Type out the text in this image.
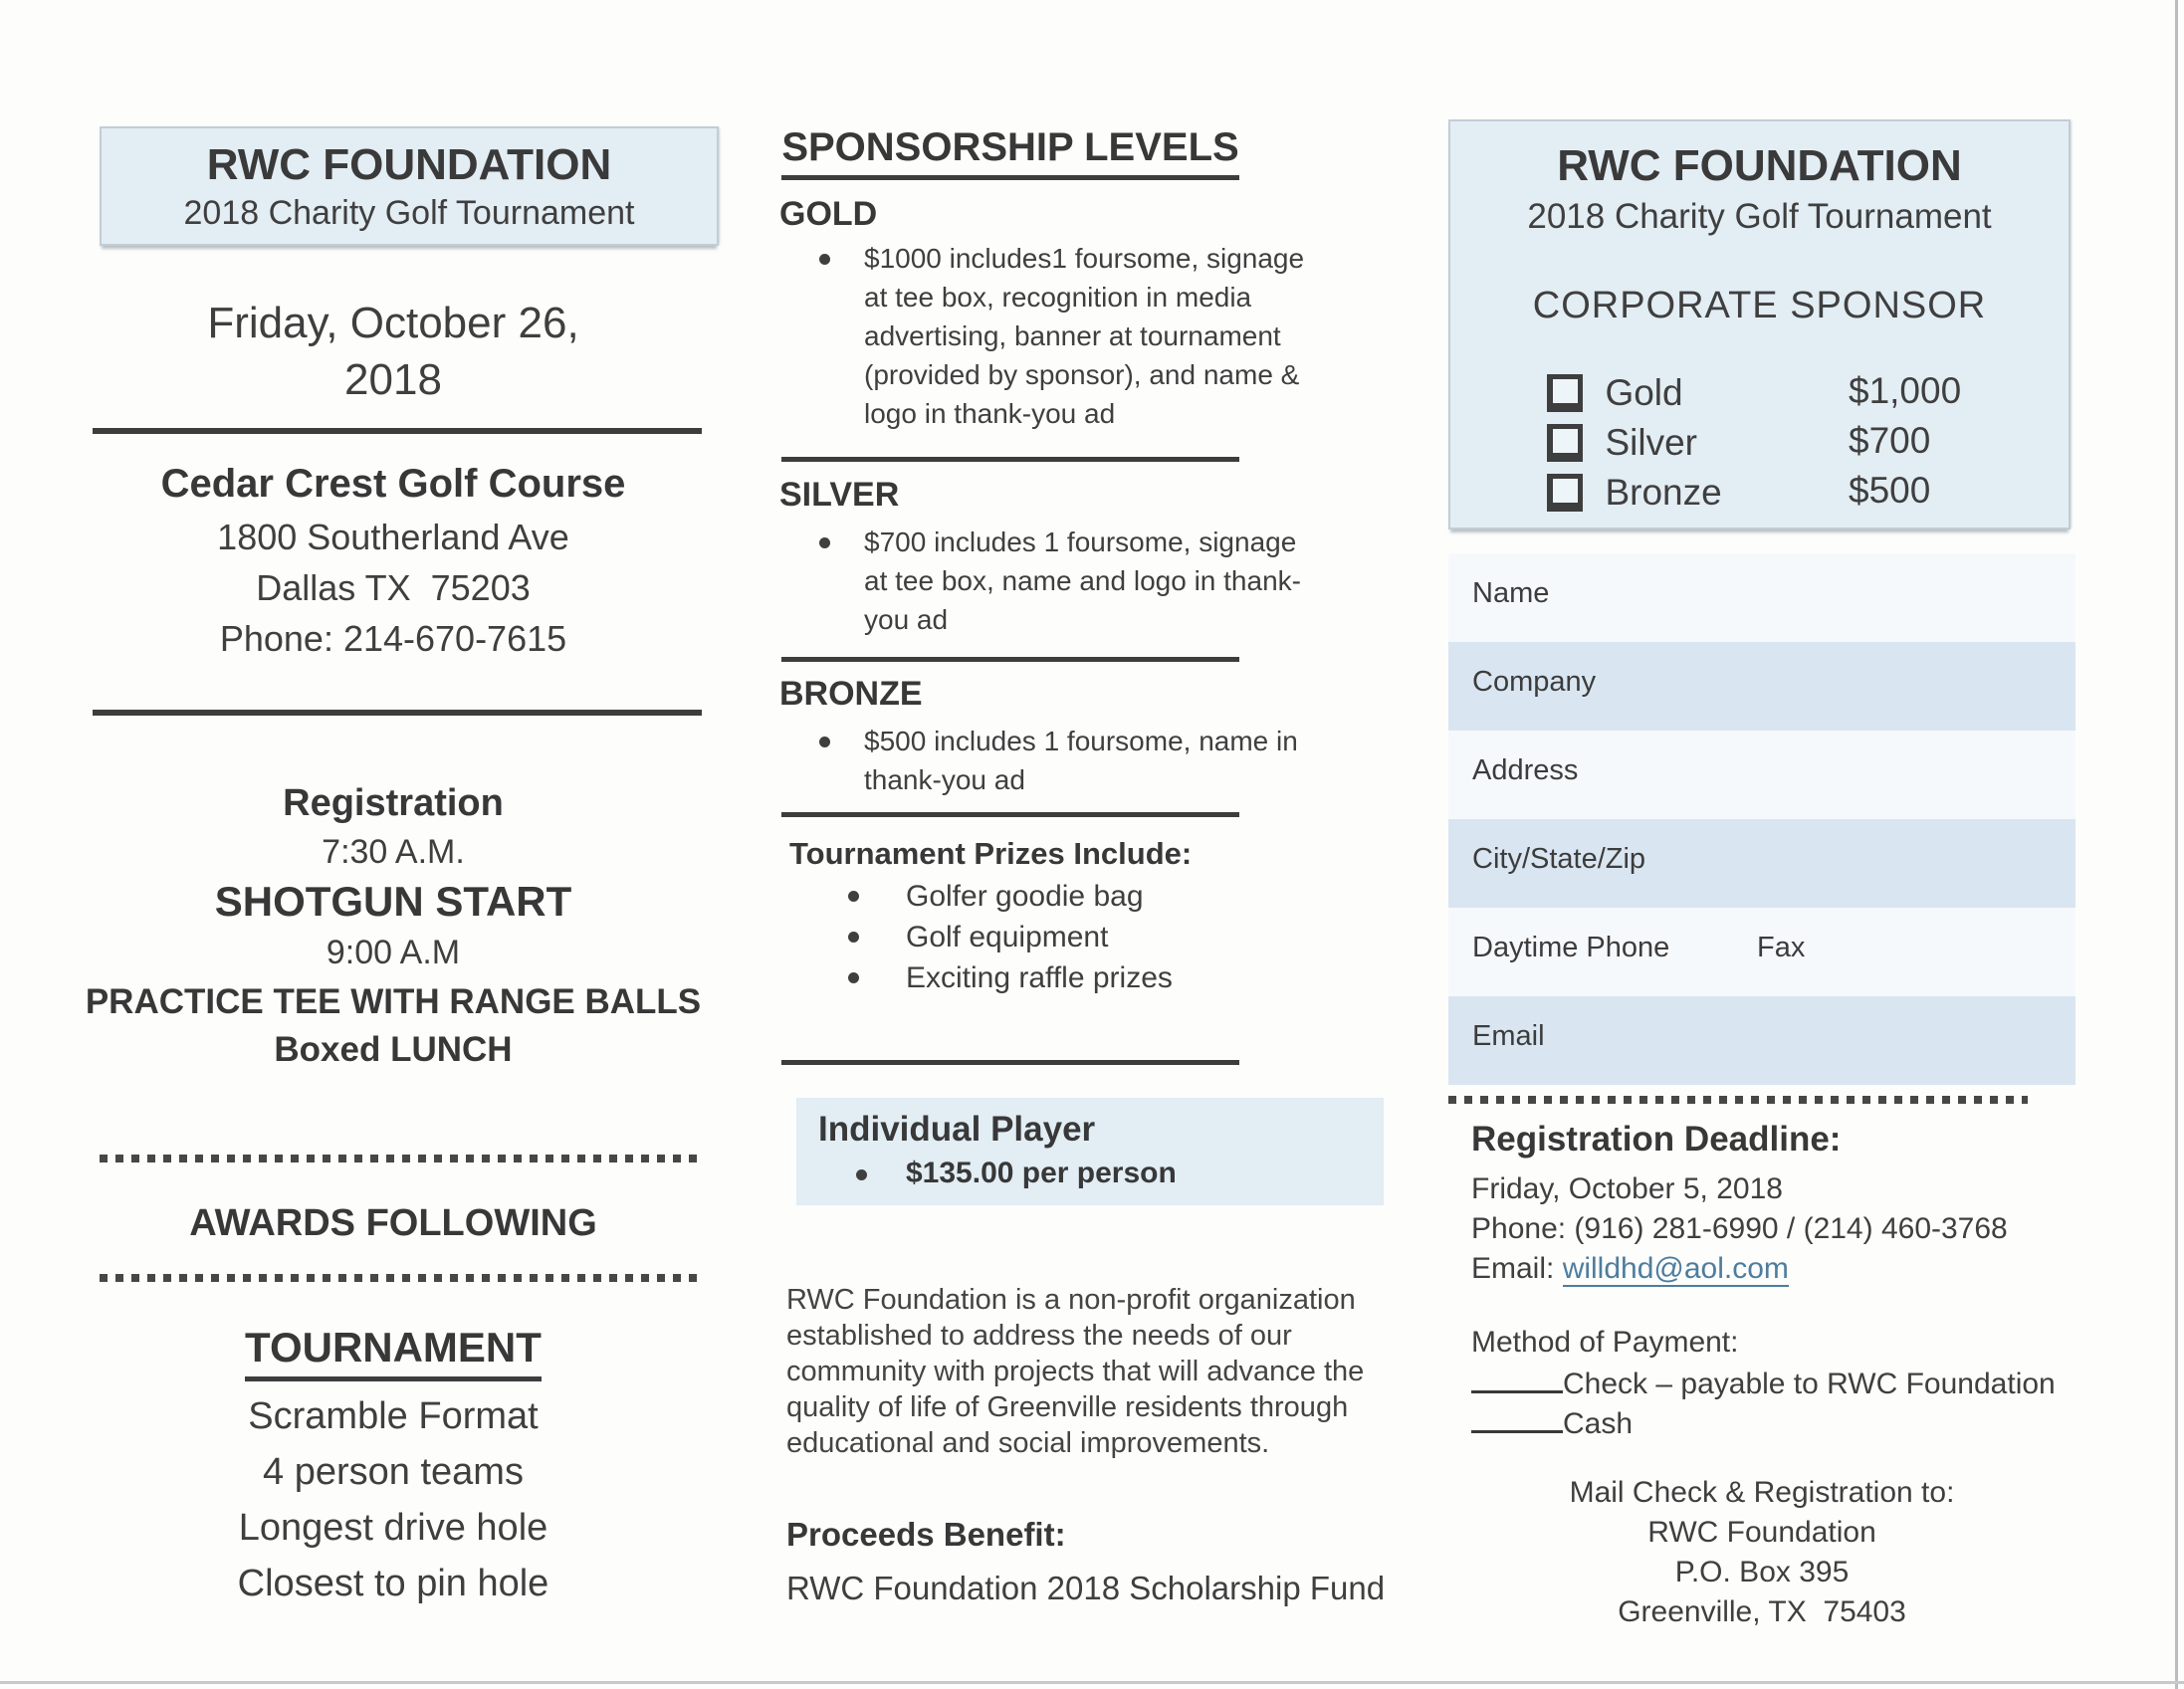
RWC FOUNDATION
2018 Charity Golf Tournament
Friday, October 26,
2018
Cedar Crest Golf Course
1800 Southerland Ave
Dallas TX  75203
Phone: 214-670-7615
Registration
7:30 A.M.
SHOTGUN START
9:00 A.M
PRACTICE TEE WITH RANGE BALLS
Boxed LUNCH
AWARDS FOLLOWING
TOURNAMENT
Scramble Format
4 person teams
Longest drive hole
Closest to pin hole
SPONSORSHIP LEVELS
GOLD
$1000 includes1 foursome, signage
at tee box, recognition in media
advertising, banner at tournament
(provided by sponsor), and name &
logo in thank-you ad
SILVER
$700 includes 1 foursome, signage
at tee box, name and logo in thank-
you ad
BRONZE
$500 includes 1 foursome, name in
thank-you ad
Tournament Prizes Include:
Golfer goodie bag
Golf equipment
Exciting raffle prizes
Individual Player
$135.00 per person
RWC Foundation is a non-profit organization
established to address the needs of our
community with projects that will advance the
quality of life of Greenville residents through
educational and social improvements.
Proceeds Benefit:
RWC Foundation 2018 Scholarship Fund
RWC FOUNDATION
2018 Charity Golf Tournament
CORPORATE SPONSOR
Gold	$1,000
Silver	$700
Bronze	$500
Name
Company
Address
City/State/Zip
Daytime Phone	Fax
Email
Registration Deadline:
Friday, October 5, 2018
Phone: (916) 281-6990 / (214) 460-3768
Email: willdhd@aol.com
Method of Payment:
Check – payable to RWC Foundation
Cash
Mail Check & Registration to:
RWC Foundation
P.O. Box 395
Greenville, TX  75403
